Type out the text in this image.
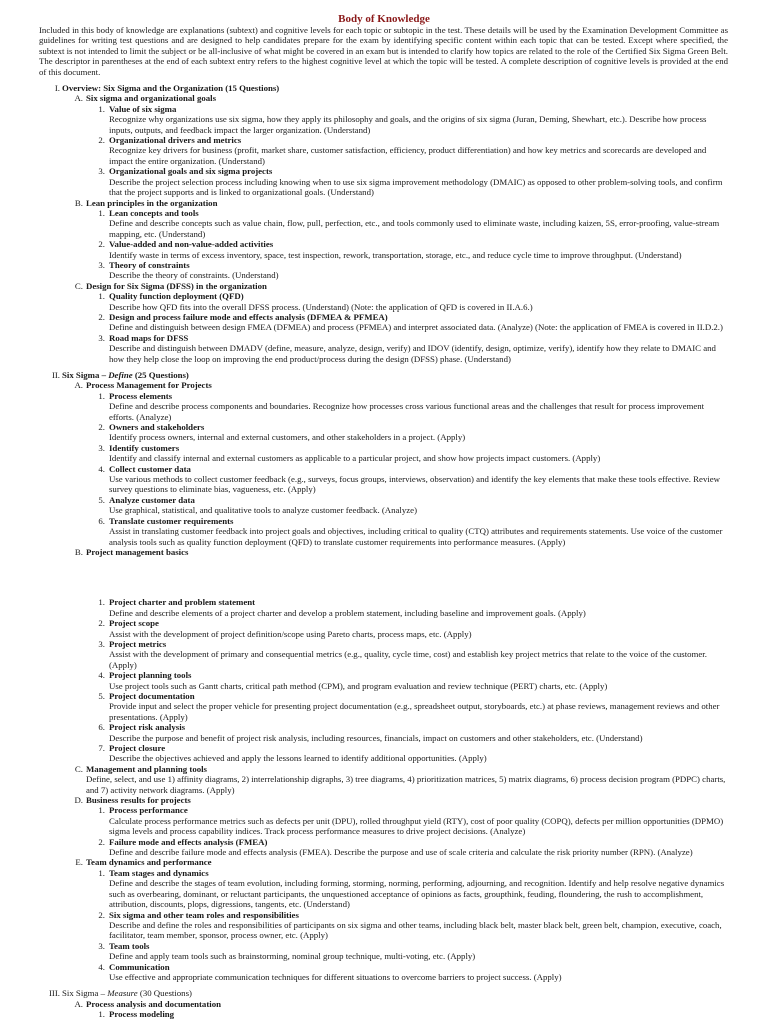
Body of Knowledge

Included in this body of knowledge are explanations (subtext) and cognitive levels for each topic or subtopic in the test. These details will be used by the Examination Development Committee as guidelines for writing test questions and are designed to help candidates prepare for the exam by identifying specific content within each topic that can be tested. Except where specified, the subtext is not intended to limit the subject or be all-inclusive of what might be covered in an exam but is intended to clarify how topics are related to the role of the Certified Six Sigma Green Belt. The descriptor in parentheses at the end of each subtext entry refers to the highest cognitive level at which the topic will be tested. A complete description of cognitive levels is provided at the end of this document.

I. Overview: Six Sigma and the Organization (15 Questions)
A. Six sigma and organizational goals
1. Value of six sigma
Recognize why organizations use six sigma, how they apply its philosophy and goals, and the origins of six sigma (Juran, Deming, Shewhart, etc.). Describe how process inputs, outputs, and feedback impact the larger organization. (Understand)
2. Organizational drivers and metrics
Recognize key drivers for business (profit, market share, customer satisfaction, efficiency, product differentiation) and how key metrics and scorecards are developed and impact the entire organization. (Understand)
3. Organizational goals and six sigma projects
Describe the project selection process including knowing when to use six sigma improvement methodology (DMAIC) as opposed to other problem-solving tools, and confirm that the project supports and is linked to organizational goals. (Understand)
B. Lean principles in the organization
1. Lean concepts and tools
Define and describe concepts such as value chain, flow, pull, perfection, etc., and tools commonly used to eliminate waste, including kaizen, 5S, error-proofing, value-stream mapping, etc. (Understand)
2. Value-added and non-value-added activities
Identify waste in terms of excess inventory, space, test inspection, rework, transportation, storage, etc., and reduce cycle time to improve throughput. (Understand)
3. Theory of constraints
Describe the theory of constraints. (Understand)
C. Design for Six Sigma (DFSS) in the organization
1. Quality function deployment (QFD)
Describe how QFD fits into the overall DFSS process. (Understand) (Note: the application of QFD is covered in II.A.6.)
2. Design and process failure mode and effects analysis (DFMEA & PFMEA)
Define and distinguish between design FMEA (DFMEA) and process (PFMEA) and interpret associated data. (Analyze) (Note: the application of FMEA is covered in II.D.2.)
3. Road maps for DFSS
Describe and distinguish between DMADV (define, measure, analyze, design, verify) and IDOV (identify, design, optimize, verify), identify how they relate to DMAIC and how they help close the loop on improving the end product/process during the design (DFSS) phase. (Understand)
II. Six Sigma – Define (25 Questions)
A. Process Management for Projects
1. Process elements
Define and describe process components and boundaries. Recognize how processes cross various functional areas and the challenges that result for process improvement efforts. (Analyze)
2. Owners and stakeholders
Identify process owners, internal and external customers, and other stakeholders in a project. (Apply)
3. Identify customers
Identify and classify internal and external customers as applicable to a particular project, and show how projects impact customers. (Apply)
4. Collect customer data
Use various methods to collect customer feedback (e.g., surveys, focus groups, interviews, observation) and identify the key elements that make these tools effective. Review survey questions to eliminate bias, vagueness, etc. (Apply)
5. Analyze customer data
Use graphical, statistical, and qualitative tools to analyze customer feedback. (Analyze)
6. Translate customer requirements
Assist in translating customer feedback into project goals and objectives, including critical to quality (CTQ) attributes and requirements statements. Use voice of the customer analysis tools such as quality function deployment (QFD) to translate customer requirements into performance measures. (Apply)
B. Project management basics
1. Project charter and problem statement
Define and describe elements of a project charter and develop a problem statement, including baseline and improvement goals. (Apply)
2. Project scope
Assist with the development of project definition/scope using Pareto charts, process maps, etc. (Apply)
3. Project metrics
Assist with the development of primary and consequential metrics (e.g., quality, cycle time, cost) and establish key project metrics that relate to the voice of the customer. (Apply)
4. Project planning tools
Use project tools such as Gantt charts, critical path method (CPM), and program evaluation and review technique (PERT) charts, etc. (Apply)
5. Project documentation
Provide input and select the proper vehicle for presenting project documentation (e.g., spreadsheet output, storyboards, etc.) at phase reviews, management reviews and other presentations. (Apply)
6. Project risk analysis
Describe the purpose and benefit of project risk analysis, including resources, financials, impact on customers and other stakeholders, etc. (Understand)
7. Project closure
Describe the objectives achieved and apply the lessons learned to identify additional opportunities. (Apply)
C. Management and planning tools
Define, select, and use 1) affinity diagrams, 2) interrelationship digraphs, 3) tree diagrams, 4) prioritization matrices, 5) matrix diagrams, 6) process decision program (PDPC) charts, and 7) activity network diagrams. (Apply)
D. Business results for projects
1. Process performance
Calculate process performance metrics such as defects per unit (DPU), rolled throughput yield (RTY), cost of poor quality (COPQ), defects per million opportunities (DPMO) sigma levels and process capability indices. Track process performance measures to drive project decisions. (Analyze)
2. Failure mode and effects analysis (FMEA)
Define and describe failure mode and effects analysis (FMEA). Describe the purpose and use of scale criteria and calculate the risk priority number (RPN). (Analyze)
E. Team dynamics and performance
1. Team stages and dynamics
Define and describe the stages of team evolution, including forming, storming, norming, performing, adjourning, and recognition. Identify and help resolve negative dynamics such as overbearing, dominant, or reluctant participants, the unquestioned acceptance of opinions as facts, groupthink, feuding, floundering, the rush to accomplishment, attribution, discounts, plops, digressions, tangents, etc. (Understand)
2. Six sigma and other team roles and responsibilities
Describe and define the roles and responsibilities of participants on six sigma and other teams, including black belt, master black belt, green belt, champion, executive, coach, facilitator, team member, sponsor, process owner, etc. (Apply)
3. Team tools
Define and apply team tools such as brainstorming, nominal group technique, multi-voting, etc. (Apply)
4. Communication
Use effective and appropriate communication techniques for different situations to overcome barriers to project success. (Apply)
III. Six Sigma – Measure (30 Questions)
A. Process analysis and documentation
1. Process modeling
